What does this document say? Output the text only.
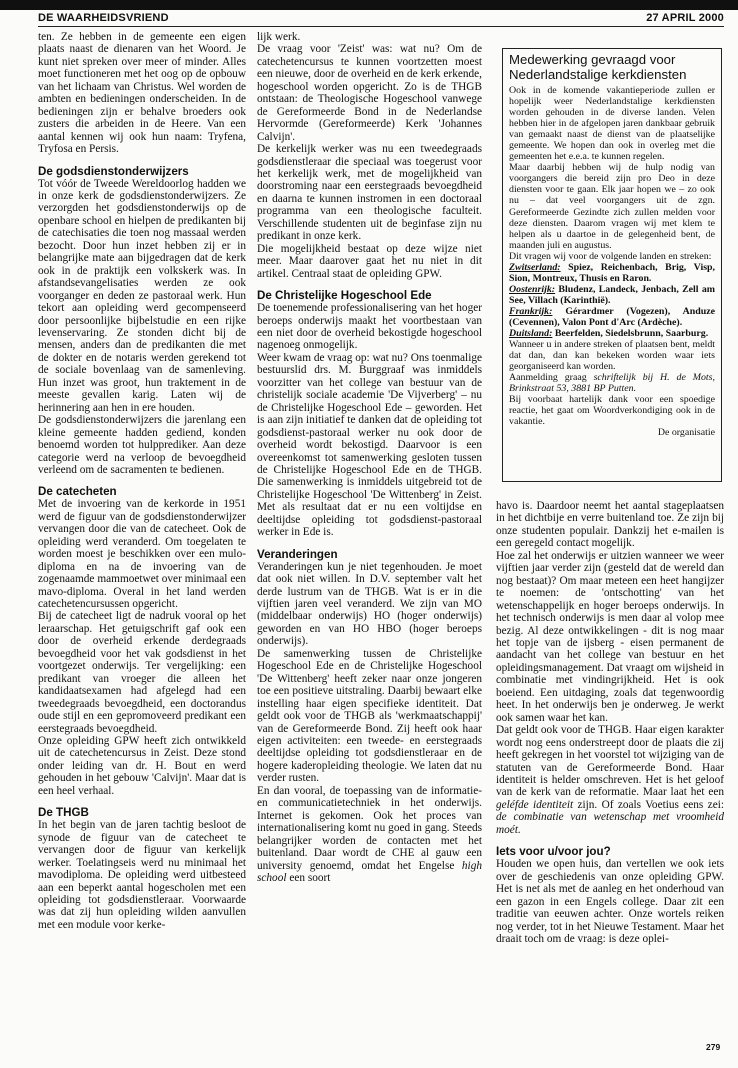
DE WAARHEIDSVRIEND	27 APRIL 2000

ten. Ze hebben in de gemeente een eigen plaats naast de dienaren van het Woord. Je kunt niet spreken over meer of minder. Alles moet functioneren met het oog op de opbouw van het lichaam van Christus. Wel worden de ambten en bedieningen onderscheiden. In de bedieningen zijn er behalve broeders ook zusters die arbeiden in de Heere. Van een aantal kennen wij ook hun naam: Tryfena, Tryfosa en Persis.

De godsdienstonderwijzers

Tot vóór de Tweede Wereldoorlog hadden we in onze kerk de godsdienstonderwijzers. Ze verzorgden het godsdienstonderwijs op de openbare school en hielpen de predikanten bij de catechisaties die toen nog massaal werden bezocht. Door hun inzet hebben zij er in belangrijke mate aan bijgedragen dat de kerk ook in de praktijk een volkskerk was. In afstandsevangelisaties werden ze ook voorganger en deden ze pastoraal werk. Hun tekort aan opleiding werd gecompenseerd door persoonlijke bijbelstudie en een rijke levenservaring. Ze stonden dicht bij de mensen, anders dan de predikanten die met de dokter en de notaris werden gerekend tot de sociale bovenlaag van de samenleving. Hun inzet was groot, hun traktement in de meeste gevallen karig. Laten wij de herinnering aan hen in ere houden.

De godsdienstonderwijzers die jarenlang een kleine gemeente hadden gediend, konden benoemd worden tot hulpprediker. Aan deze categorie werd na verloop de bevoegdheid verleend om de sacramenten te bedienen.

De catecheten

Met de invoering van de kerkorde in 1951 werd de figuur van de godsdienstonderwijzer vervangen door die van de catecheet. Ook de opleiding werd veranderd. Om toegelaten te worden moest je beschikken over een mulo-diploma en na de invoering van de zogenaamde mammoetwet over minimaal een mavo-diploma. Overal in het land werden catechetencursussen opgericht.

Bij de catecheet ligt de nadruk vooral op het leraarschap. Het getuigschrift gaf ook een door de overheid erkende derdegraads bevoegdheid voor het vak godsdienst in het voortgezet onderwijs. Ter vergelijking: een predikant van vroeger die alleen het kandidaatsexamen had afgelegd had een tweedegraads bevoegdheid, een doctorandus oude stijl en een gepromoveerd predikant een eerstegraads bevoegdheid.

Onze opleiding GPW heeft zich ontwikkeld uit de catechetencursus in Zeist. Deze stond onder leiding van dr. H. Bout en werd gehouden in het gebouw 'Calvijn'. Maar dat is een heel verhaal.

De THGB

In het begin van de jaren tachtig besloot de synode de figuur van de catecheet te vervangen door de figuur van kerkelijk werker. Toelatingseis werd nu minimaal het mavodiploma. De opleiding werd uitbesteed aan een beperkt aantal hogescholen met een opleiding tot godsdienstleraar. Voorwaarde was dat zij hun opleiding wilden aanvullen met een module voor kerke-

lijk werk.

De vraag voor 'Zeist' was: wat nu? Om de catechetencursus te kunnen voortzetten moest een nieuwe, door de overheid en de kerk erkende, hogeschool worden opgericht. Zo is de THGB ontstaan: de Theologische Hogeschool vanwege de Gereformeerde Bond in de Nederlandse Hervormde (Gereformeerde) Kerk 'Johannes Calvijn'.

De kerkelijk werker was nu een tweedegraads godsdienstleraar die speciaal was toegerust voor het kerkelijk werk, met de mogelijkheid van doorstroming naar een eerstegraads bevoegdheid en daarna te kunnen instromen in een doctoraal programma van een theologische faculteit. Verschillende studenten uit de beginfase zijn nu predikant in onze kerk.

Die mogelijkheid bestaat op deze wijze niet meer. Maar daarover gaat het nu niet in dit artikel. Centraal staat de opleiding GPW.

De Christelijke Hogeschool Ede

De toenemende professionalisering van het hoger beroeps onderwijs maakt het voortbestaan van een niet door de overheid bekostigde hogeschool nagenoeg onmogelijk.

Weer kwam de vraag op: wat nu? Ons toenmalige bestuurslid drs. M. Burggraaf was inmiddels voorzitter van het college van bestuur van de christelijk sociale academie 'De Vijverberg' – nu de Christelijke Hogeschool Ede – geworden. Het is aan zijn initiatief te danken dat de opleiding tot godsdienst-pastoraal werker nu ook door de overheid wordt bekostigd. Daarvoor is een overeenkomst tot samenwerking gesloten tussen de Christelijke Hogeschool Ede en de THGB. Die samenwerking is inmiddels uitgebreid tot de Christelijke Hogeschool 'De Wittenberg' in Zeist. Met als resultaat dat er nu een voltijdse en deeltijdse opleiding tot godsdienst-pastoraal werker in Ede is.

Veranderingen

Veranderingen kun je niet tegenhouden. Je moet dat ook niet willen. In D.V. september valt het derde lustrum van de THGB. Wat is er in die vijftien jaren veel veranderd. We zijn van MO (middelbaar onderwijs) HO (hoger onderwijs) geworden en van HO HBO (hoger beroeps onderwijs).

De samenwerking tussen de Christelijke Hogeschool Ede en de Christelijke Hogeschool 'De Wittenberg' heeft zeker naar onze jongeren toe een positieve uitstraling. Daarbij bewaart elke instelling haar eigen specifieke identiteit. Dat geldt ook voor de THGB als 'werkmaatschappij' van de Gereformeerde Bond. Zij heeft ook haar eigen activiteiten: een tweede- en eerstegraads deeltijdse opleiding tot godsdienstleraar en de hogere kaderopleiding theologie. We laten dat nu verder rusten.

En dan vooral, de toepassing van de informatie- en communicatietechniek in het onderwijs. Internet is gekomen. Ook het proces van internationalisering komt nu goed in gang. Steeds belangrijker worden de contacten met het buitenland. Daar wordt de CHE al gauw een university genoemd, omdat het Engelse high school een soort

Medewerking gevraagd voor Nederlandstalige kerkdiensten

Ook in de komende vakantieperiode zullen er hopelijk weer Nederlandstalige kerkdiensten worden gehouden in de diverse landen. Velen hebben hier in de afgelopen jaren dankbaar gebruik van gemaakt naast de dienst van de plaatselijke gemeente. We hopen dan ook in overleg met die gemeenten het e.e.a. te kunnen regelen.

Maar daarbij hebben wij de hulp nodig van voorgangers die bereid zijn pro Deo in deze diensten voor te gaan. Elk jaar hopen we – zo ook nu – dat veel voorgangers uit de zgn. Gereformeerde Gezindte zich zullen melden voor deze diensten. Daarom vragen wij met klem te helpen als u daartoe in de gelegenheid bent, de maanden juli en augustus.

Dit vragen wij voor de volgende landen en streken:

Zwitserland: Spiez, Reichenbach, Brig, Visp, Sion, Montreux, Thusis en Raron.

Oostenrijk: Bludenz, Landeck, Jenbach, Zell am See, Villach (Karinthië).

Frankrijk: Gérardmer (Vogezen), Anduze (Cevennen), Valon Pont d'Arc (Ardèche).

Duitsland: Beerfelden, Siedelsbrunn, Saarburg.

Wanneer u in andere streken of plaatsen bent, meldt dat dan, dan kan bekeken worden waar iets georganiseerd kan worden.

Aanmelding graag schriftelijk bij H. de Mots, Brinkstraat 53, 3881 BP Putten.

Bij voorbaat hartelijk dank voor een spoedige reactie, het gaat om Woordverkondiging ook in de vakantie.

De organisatie

havo is. Daardoor neemt het aantal stageplaatsen in het dichtbije en verre buitenland toe. Ze zijn bij onze studenten populair. Dankzij het e-mailen is een geregeld contact mogelijk.

Hoe zal het onderwijs er uitzien wanneer we weer vijftien jaar verder zijn (gesteld dat de wereld dan nog bestaat)? Om maar meteen een heet hangijzer te noemen: de 'ontschotting' van het wetenschappelijk en hoger beroeps onderwijs. In het technisch onderwijs is men daar al volop mee bezig. Al deze ontwikkelingen - dit is nog maar het topje van de ijsberg - eisen permanent de aandacht van het college van bestuur en het opleidingsmanagement. Dat vraagt om wijsheid in combinatie met vindingrijkheid. Het is ook boeiend. Een uitdaging, zoals dat tegenwoordig heet. In het onderwijs ben je onderweg. Je werkt ook samen waar het kan.

Dat geldt ook voor de THGB. Haar eigen karakter wordt nog eens onderstreept door de plaats die zij heeft gekregen in het voorstel tot wijziging van de statuten van de Gereformeerde Bond. Haar identiteit is helder omschreven. Het is het geloof van de kerk van de reformatie. Maar laat het een geléfde identiteit zijn. Of zoals Voetius eens zei: de combinatie van wetenschap met vroomheid moét.

Iets voor u/voor jou?

Houden we open huis, dan vertellen we ook iets over de geschiedenis van onze opleiding GPW. Het is net als met de aanleg en het onderhoud van een gazon in een Engels college. Daar zit een traditie van eeuwen achter. Onze wortels reiken nog verder, tot in het Nieuwe Testament. Maar het draait toch om de vraag: is deze oplei-

279
